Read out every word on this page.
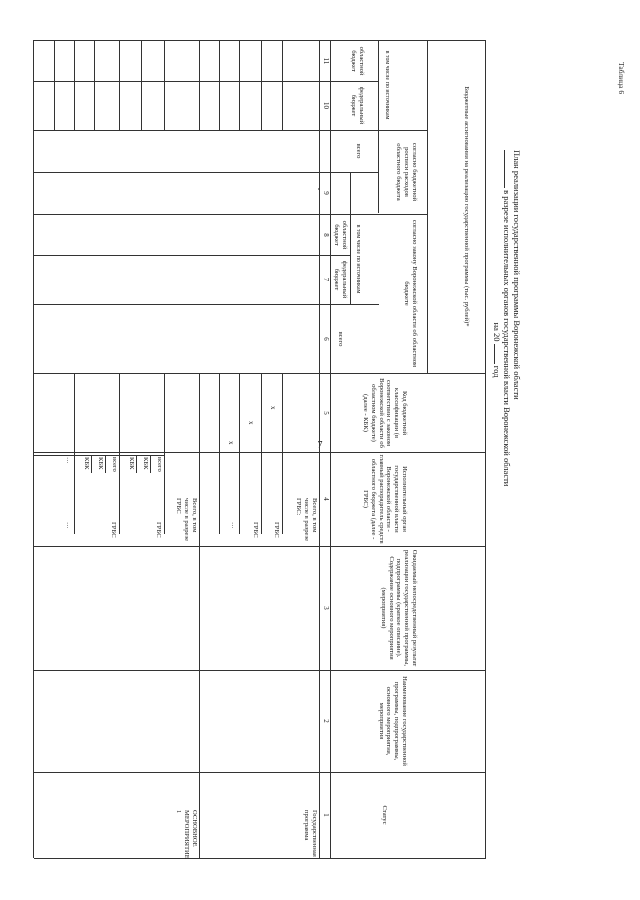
7
Таблица 6
План реализации государственной программы Воронежской области
в разрезе исполнительных органов государственной власти Воронежской области
на 20  год
Бюджетные ассигнования на реализацию государственной программы (тыс. рублей)*
согласно бюджетной росписи расходов областного бюджета
согласно закону Воронежской области об областном бюджете
в том числе по источникам
в том числе по источникам
областной бюджет
федеральный бюджет
всего
областной бюджет
федеральный бюджет
всего
Код бюджетной классификации (в соответствии с законом Воронежской области об областном бюджете) (далее - КБК)
Исполнительный орган государственной власти Воронежской области - главный распорядитель средств областного бюджета (далее - ГРБС)
Ожидаемый непосредственный результат реализации государственной программы, подпрограммы (краткое описание). Содержание основного мероприятия (мероприятия)
Наименование государственной программы, подпрограммы, основного мероприятия, мероприятия
Статус
1
2
3
4
5
6
7
8
9
10
11
Государственная программа
Всего, в том числе в разрезе ГРБС:
ГРБС
ГРБС
…
х
х
х
ОСНОВНОЕ МЕРОПРИЯТИЕ 1
Всего, в том числе в разрезе ГРБС
ГРБС
ГРБС
…
всего
КБК
КБК
всего
КБК
КБК
…
